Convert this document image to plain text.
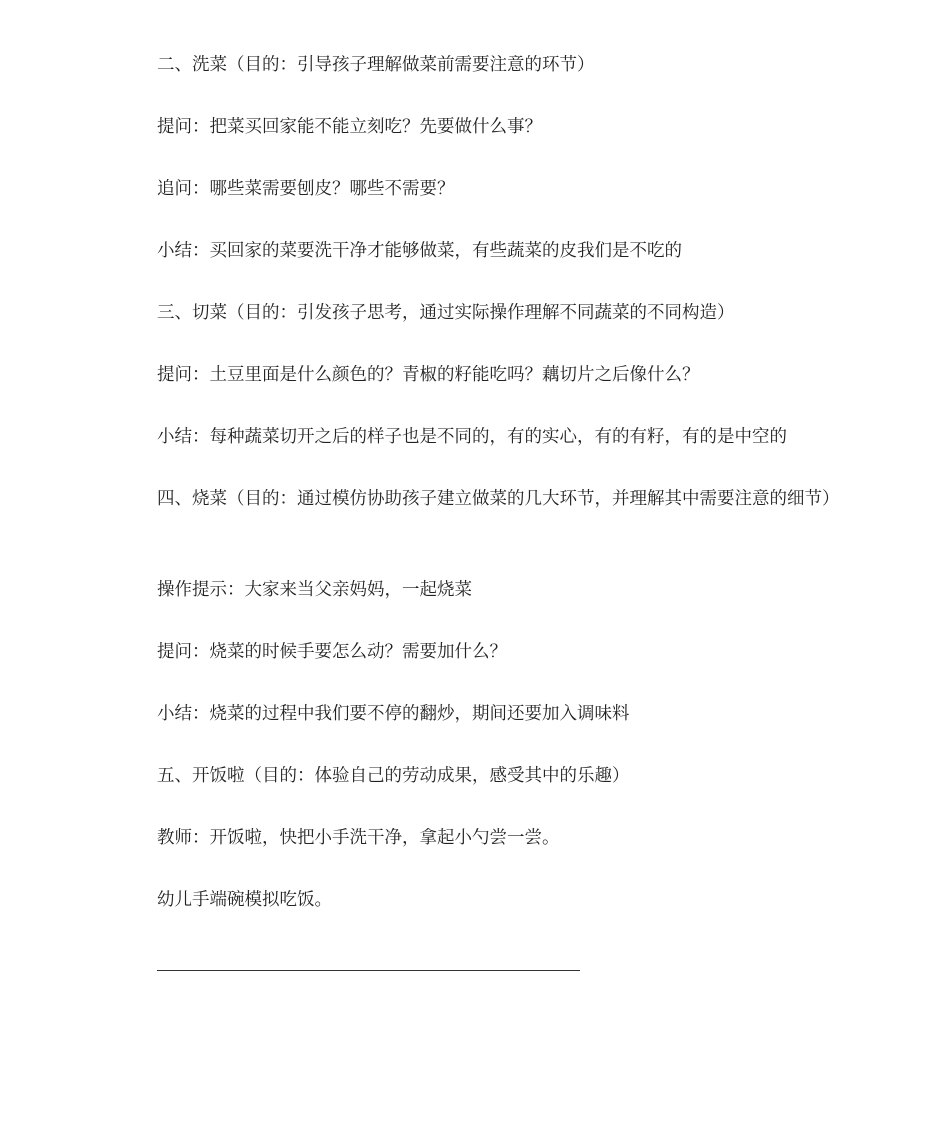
二、洗菜（目的：引导孩子理解做菜前需要注意的环节）

提问：把菜买回家能不能立刻吃？先要做什么事？

追问：哪些菜需要刨皮？哪些不需要？

小结：买回家的菜要洗干净才能够做菜，有些蔬菜的皮我们是不吃的

三、切菜（目的：引发孩子思考，通过实际操作理解不同蔬菜的不同构造）

提问：土豆里面是什么颜色的？青椒的籽能吃吗？藕切片之后像什么？

小结：每种蔬菜切开之后的样子也是不同的，有的实心，有的有籽，有的是中空的

四、烧菜（目的：通过模仿协助孩子建立做菜的几大环节，并理解其中需要注意的细节）

操作提示：大家来当父亲妈妈，一起烧菜

提问：烧菜的时候手要怎么动？需要加什么？

小结：烧菜的过程中我们要不停的翻炒，期间还要加入调味料

五、开饭啦（目的：体验自己的劳动成果，感受其中的乐趣）

教师：开饭啦，快把小手洗干净，拿起小勺尝一尝。

幼儿手端碗模拟吃饭。
